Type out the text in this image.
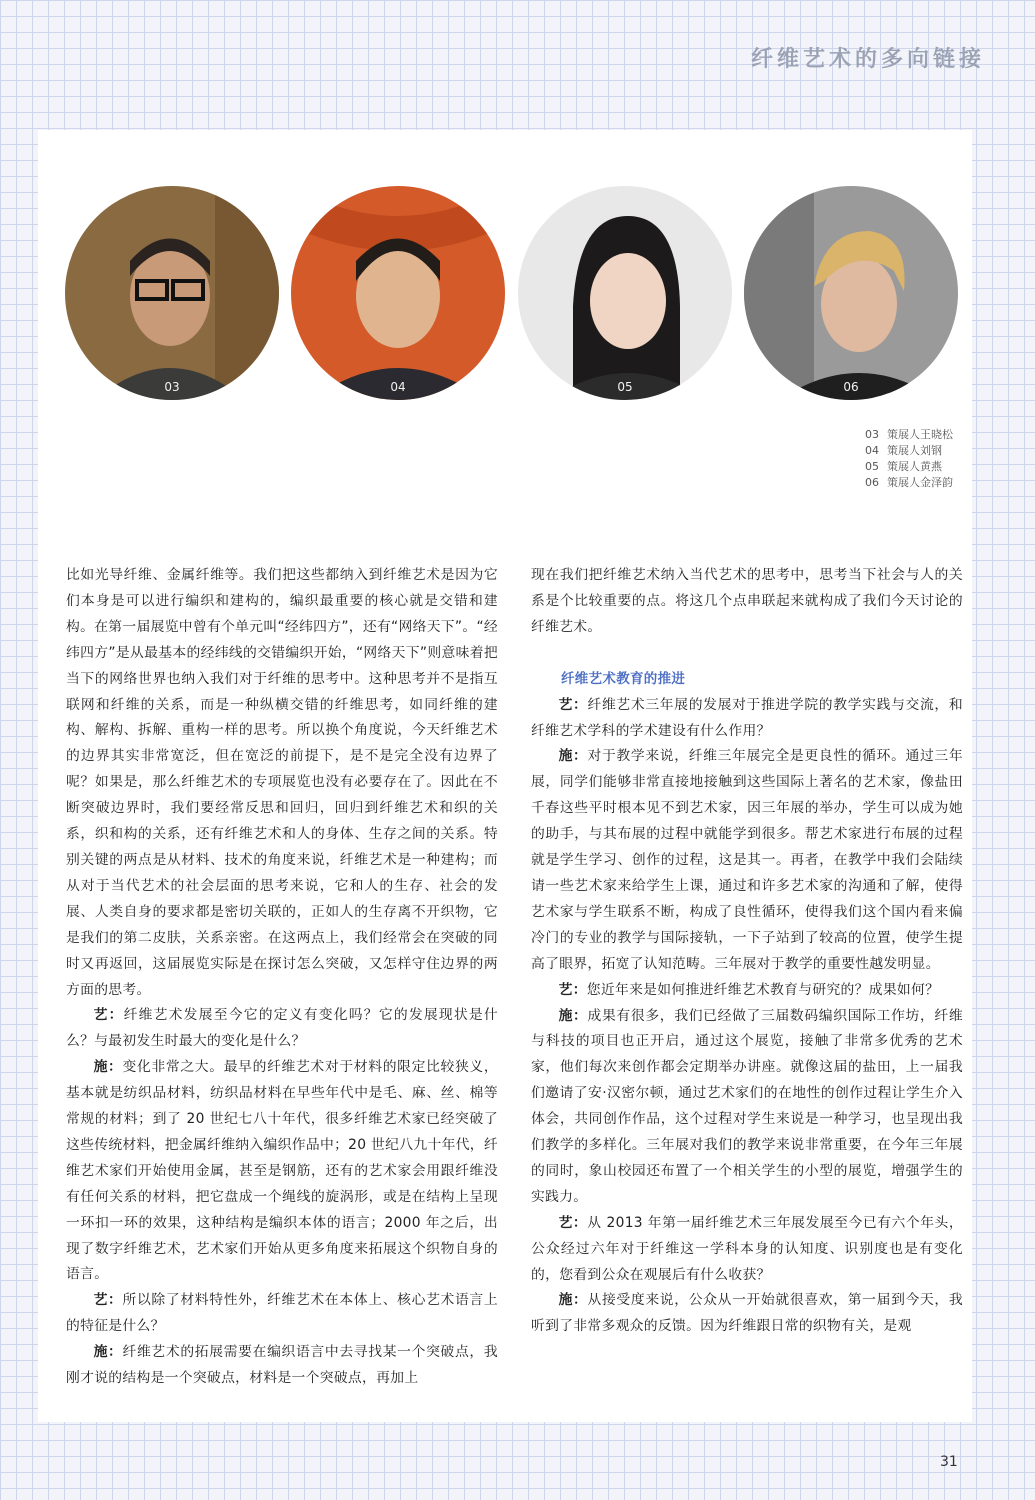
纤维艺术的多向链接
03	04	05	06
03 策展人王晓松
04 策展人刘钢
05 策展人黄燕
06 策展人金泽韵

比如光导纤维、金属纤维等。我们把这些都纳入到纤维艺术是因为它们本身是可以进行编织和建构的，编织最重要的核心就是交错和建构。在第一届展览中曾有个单元叫“经纬四方”，还有“网络天下”。“经纬四方”是从最基本的经纬线的交错编织开始，“网络天下”则意味着把当下的网络世界也纳入我们对于纤维的思考中。这种思考并不是指互联网和纤维的关系，而是一种纵横交错的纤维思考，如同纤维的建构、解构、拆解、重构一样的思考。所以换个角度说，今天纤维艺术的边界其实非常宽泛，但在宽泛的前提下，是不是完全没有边界了呢？如果是，那么纤维艺术的专项展览也没有必要存在了。因此在不断突破边界时，我们要经常反思和回归，回归到纤维艺术和织的关系，织和构的关系，还有纤维艺术和人的身体、生存之间的关系。特别关键的两点是从材料、技术的角度来说，纤维艺术是一种建构；而从对于当代艺术的社会层面的思考来说，它和人的生存、社会的发展、人类自身的要求都是密切关联的，正如人的生存离不开织物，它是我们的第二皮肤，关系亲密。在这两点上，我们经常会在突破的同时又再返回，这届展览实际是在探讨怎么突破，又怎样守住边界的两方面的思考。

艺：纤维艺术发展至今它的定义有变化吗？它的发展现状是什么？与最初发生时最大的变化是什么？

施：变化非常之大。最早的纤维艺术对于材料的限定比较狭义，基本就是纺织品材料，纺织品材料在早些年代中是毛、麻、丝、棉等常规的材料；到了 20 世纪七八十年代，很多纤维艺术家已经突破了这些传统材料，把金属纤维纳入编织作品中；20 世纪八九十年代，纤维艺术家们开始使用金属，甚至是钢筋，还有的艺术家会用跟纤维没有任何关系的材料，把它盘成一个绳线的旋涡形，或是在结构上呈现一环扣一环的效果，这种结构是编织本体的语言；2000 年之后，出现了数字纤维艺术，艺术家们开始从更多角度来拓展这个织物自身的语言。

艺：所以除了材料特性外，纤维艺术在本体上、核心艺术语言上的特征是什么？

施：纤维艺术的拓展需要在编织语言中去寻找某一个突破点，我刚才说的结构是一个突破点，材料是一个突破点，再加上

现在我们把纤维艺术纳入当代艺术的思考中，思考当下社会与人的关系是个比较重要的点。将这几个点串联起来就构成了我们今天讨论的纤维艺术。

纤维艺术教育的推进

艺：纤维艺术三年展的发展对于推进学院的教学实践与交流，和纤维艺术学科的学术建设有什么作用？

施：对于教学来说，纤维三年展完全是更良性的循环。通过三年展，同学们能够非常直接地接触到这些国际上著名的艺术家，像盐田千春这些平时根本见不到艺术家，因三年展的举办，学生可以成为她的助手，与其布展的过程中就能学到很多。帮艺术家进行布展的过程就是学生学习、创作的过程，这是其一。再者，在教学中我们会陆续请一些艺术家来给学生上课，通过和许多艺术家的沟通和了解，使得艺术家与学生联系不断，构成了良性循环，使得我们这个国内看来偏冷门的专业的教学与国际接轨，一下子站到了较高的位置，使学生提高了眼界，拓宽了认知范畴。三年展对于教学的重要性越发明显。

艺：您近年来是如何推进纤维艺术教育与研究的？成果如何？

施：成果有很多，我们已经做了三届数码编织国际工作坊，纤维与科技的项目也正开启，通过这个展览，接触了非常多优秀的艺术家，他们每次来创作都会定期举办讲座。就像这届的盐田，上一届我们邀请了安·汉密尔顿，通过艺术家们的在地性的创作过程让学生介入体会，共同创作作品，这个过程对学生来说是一种学习，也呈现出我们教学的多样化。三年展对我们的教学来说非常重要，在今年三年展的同时，象山校园还布置了一个相关学生的小型的展览，增强学生的实践力。

艺：从 2013 年第一届纤维艺术三年展发展至今已有六个年头，公众经过六年对于纤维这一学科本身的认知度、识别度也是有变化的，您看到公众在观展后有什么收获？

施：从接受度来说，公众从一开始就很喜欢，第一届到今天，我听到了非常多观众的反馈。因为纤维跟日常的织物有关，是观

31
